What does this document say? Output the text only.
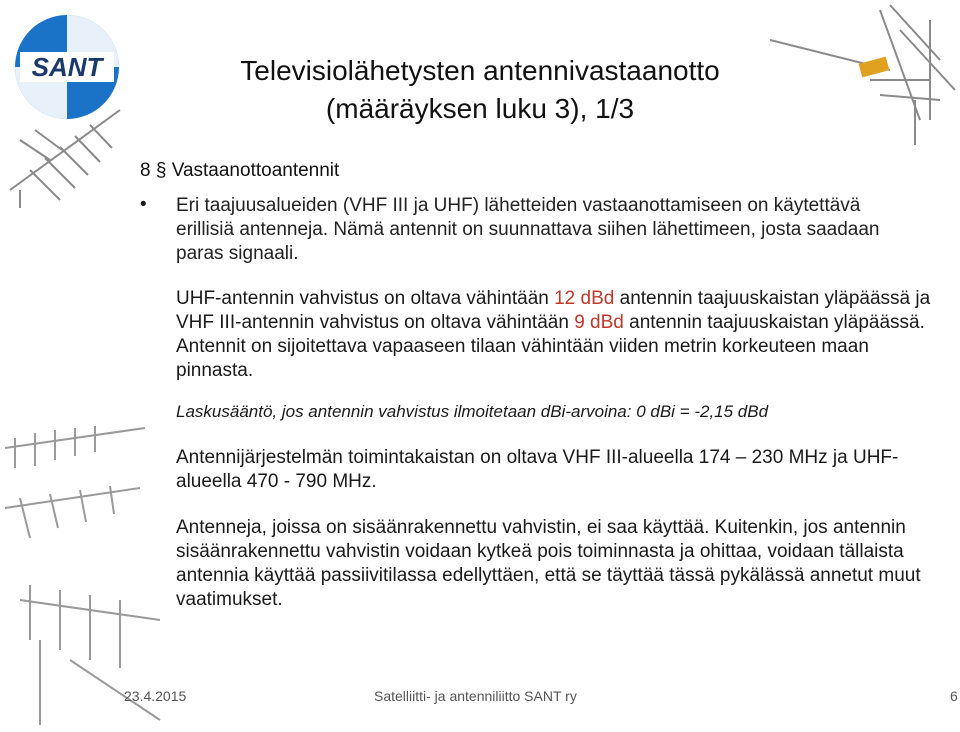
SANT	Televisiolähetysten antennivastaanotto
(määräyksen luku 3), 1/3
8 § Vastaanottoantennit
• Eri taajuusalueiden (VHF III ja UHF) lähetteiden vastaanottamiseen on käytettävä erillisiä antenneja. Nämä antennit on suunnattava siihen lähettimeen, josta saadaan paras signaali.
UHF-antennin vahvistus on oltava vähintään 12 dBd antennin taajuuskaistan yläpäässä ja VHF III-antennin vahvistus on oltava vähintään 9 dBd antennin taajuuskaistan yläpäässä. Antennit on sijoitettava vapaaseen tilaan vähintään viiden metrin korkeuteen maan pinnasta.
Laskusääntö, jos antennin vahvistus ilmoitetaan dBi-arvoina: 0 dBi = -2,15 dBd
Antennijärjestelmän toimintakaistan on oltava VHF III-alueella 174 – 230 MHz ja UHF-alueella 470 - 790 MHz.
Antenneja, joissa on sisäänrakennettu vahvistin, ei saa käyttää. Kuitenkin, jos antennin sisäänrakennettu vahvistin voidaan kytkeä pois toiminnasta ja ohittaa, voidaan tällaista antennia käyttää passiivitilassa edellyttäen, että se täyttää tässä pykälässä annetut muut vaatimukset.
23.4.2015	Satelliitti- ja antenniliitto SANT ry	6
